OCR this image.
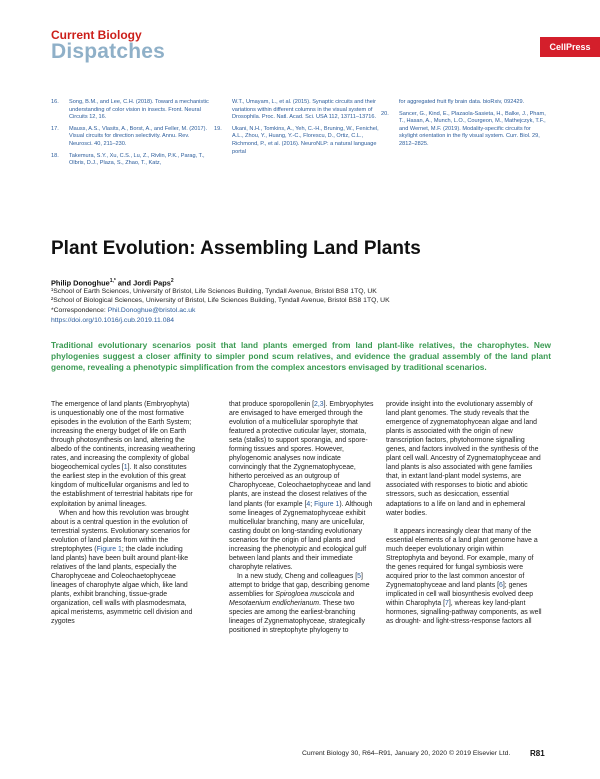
Current Biology
Dispatches	CellPress
16. Song, B.M., and Lee, C.H. (2018). Toward a mechanistic understanding of color vision in insects. Front. Neural Circuits 12, 16.
17. Mauss, A.S., Vlasits, A., Borst, A., and Feller, M. (2017). Visual circuits for direction selectivity. Annu. Rev. Neurosci. 40, 211–230.
18. Takemura, S.Y., Xu, C.S., Lu, Z., Rivlin, P.K., Parag, T., Olbris, D.J., Plaza, S., Zhao, T., Katz,
W.T., Umayam, L., et al. (2015). Synaptic circuits and their variations within different columns in the visual system of Drosophila. Proc. Natl. Acad. Sci. USA 112, 13711–13716.
19. Ukani, N.H., Tomkins, A., Yeh, C.-H., Bruning, W., Fenichel, A.L., Zhou, Y., Huang, Y.-C., Florescu, D., Ortiz, C.L., Richmond, P., et al. (2016). NeuroNLP: a natural language portal
for aggregated fruit fly brain data. bioRxiv, 092429.
20. Sancer, G., Kind, E., Plazaola-Sasieta, H., Balke, J., Pham, T., Hasan, A., Munch, L.O., Courgeon, M., Mathejczyk, T.F., and Wernet, M.F. (2019). Modality-specific circuits for skylight orientation in the fly visual system. Curr. Biol. 29, 2812–2825.
Plant Evolution: Assembling Land Plants
Philip Donoghue$^{1,*}$ and Jordi Paps$^2$
¹School of Earth Sciences, University of Bristol, Life Sciences Building, Tyndall Avenue, Bristol BS8 1TQ, UK
²School of Biological Sciences, University of Bristol, Life Sciences Building, Tyndall Avenue, Bristol BS8 1TQ, UK
*Correspondence: Phil.Donoghue@bristol.ac.uk
https://doi.org/10.1016/j.cub.2019.11.084
Traditional evolutionary scenarios posit that land plants emerged from land plant-like relatives, the charophytes. New phylogenies suggest a closer affinity to simpler pond scum relatives, and evidence the gradual assembly of the land plant genome, revealing a phenotypic simplification from the complex ancestors envisaged by traditional scenarios.

The emergence of land plants (Embryophyta) is unquestionably one of the most formative episodes in the evolution of the Earth System; increasing the energy budget of life on Earth through photosynthesis on land, altering the albedo of the continents, increasing weathering rates, and increasing the complexity of global biogeochemical cycles [1]. It also constitutes the earliest step in the evolution of this great kingdom of multicellular organisms and led to the establishment of terrestrial habitats ripe for exploitation by animal lineages.

When and how this revolution was brought about is a central question in the evolution of terrestrial systems. Evolutionary scenarios for evolution of land plants from within the streptophytes (Figure 1; the clade including land plants) have been built around plant-like relatives of the land plants, especially the Charophyceae and Coleochaetophyceae lineages of charophyte algae which, like land plants, exhibit branching, tissue-grade organization, cell walls with plasmodesmata, apical meristems, asymmetric cell division and zygotes

that produce sporopollenin [2,3]. Embryophytes are envisaged to have emerged through the evolution of a multicellular sporophyte that featured a protective cuticular layer, stomata, seta (stalks) to support sporangia, and spore-forming tissues and spores. However, phylogenomic analyses now indicate convincingly that the Zygnematophyceae, hitherto perceived as an outgroup of Charophyceae, Coleochaetophyceae and land plants, are instead the closest relatives of the land plants (for example [4; Figure 1). Although some lineages of Zygnematophyceae exhibit multicellular branching, many are unicellular, casting doubt on long-standing evolutionary scenarios for the origin of land plants and increasing the phenotypic and ecological gulf between land plants and their immediate charophyte relatives.

In a new study, Cheng and colleagues [5] attempt to bridge that gap, describing genome assemblies for Spirogloea muscicola and Mesotaenium endlicherianum. These two species are among the earliest-branching lineages of Zygnematophyceae, strategically positioned in streptophyte phylogeny to

provide insight into the evolutionary assembly of land plant genomes. The study reveals that the emergence of zygnematophycean algae and land plants is associated with the origin of new transcription factors, phytohormone signalling genes, and factors involved in the synthesis of the plant cell wall. Ancestry of Zygnematophyceae and land plants is also associated with gene families that, in extant land-plant model systems, are associated with responses to biotic and abiotic stressors, such as desiccation, essential adaptations to a life on land and in ephemeral water bodies.

It appears increasingly clear that many of the essential elements of a land plant genome have a much deeper evolutionary origin within Streptophyta and beyond. For example, many of the genes required for fungal symbiosis were acquired prior to the last common ancestor of Zygnematophyceae and land plants [6]; genes implicated in cell wall biosynthesis evolved deep within Charophyta [7], whereas key land-plant hormones, signalling-pathway components, as well as drought- and light-stress-response factors all

Current Biology 30, R64–R91, January 20, 2020 © 2019 Elsevier Ltd. R81
